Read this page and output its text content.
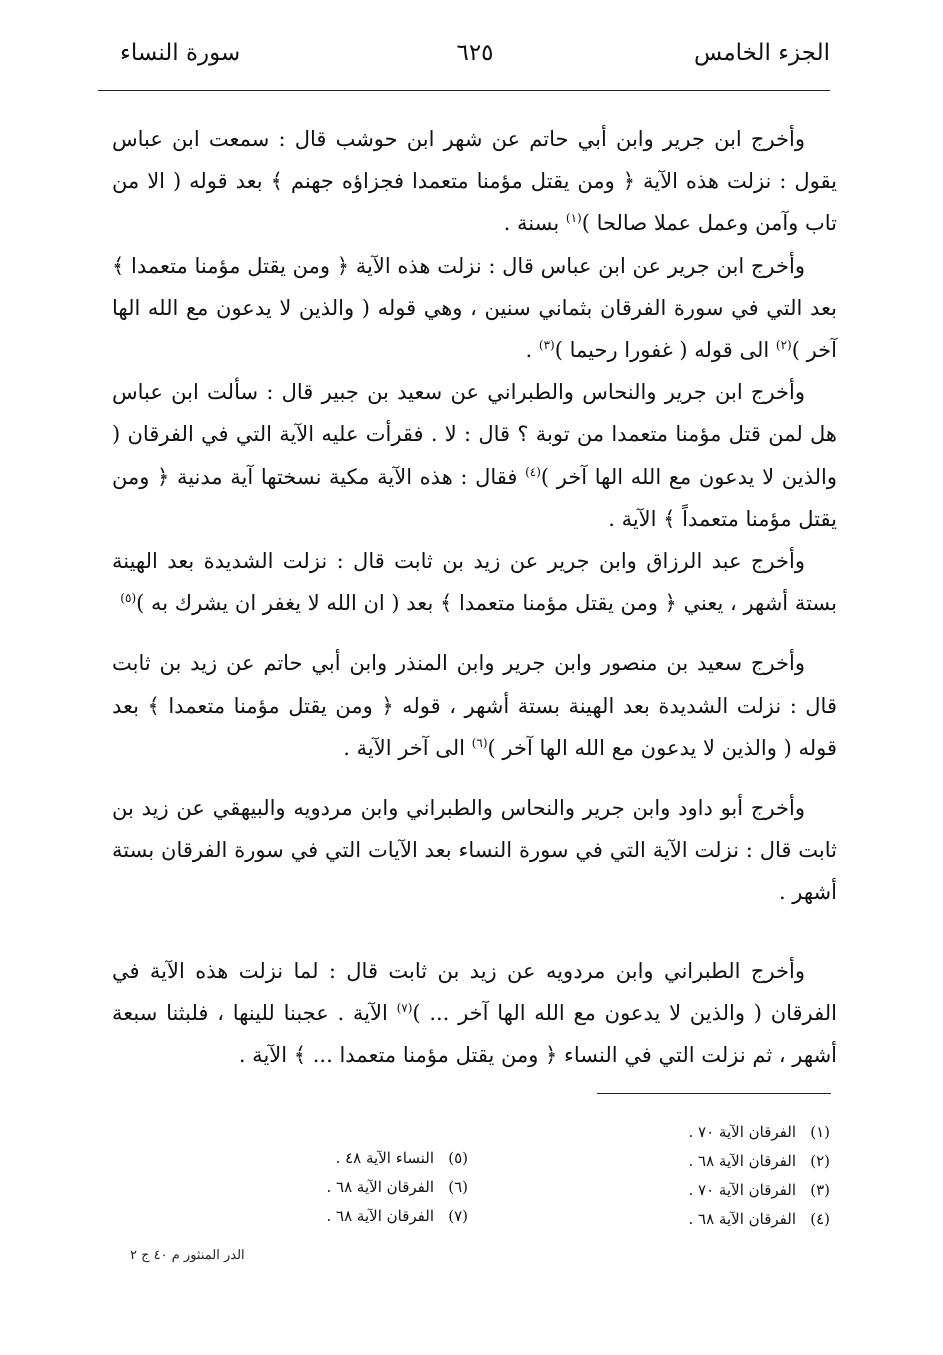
الجزء الخامس
٦٢٥
سورة النساء

وأخرج ابن جرير وابن أبي حاتم عن شهر ابن حوشب قال : سمعت ابن عباس يقول : نزلت هذه الآية ﴿ ومن يقتل مؤمنا متعمدا فجزاؤه جهنم ﴾ بعد قوله ( الا من تاب وآمن وعمل عملا صالحا )$^{(١)}$ بسنة .

وأخرج ابن جرير عن ابن عباس قال : نزلت هذه الآية ﴿ ومن يقتل مؤمنا متعمدا ﴾ بعد التي في سورة الفرقان بثماني سنين ، وهي قوله ( والذين لا يدعون مع الله الها آخر )$^{(٢)}$ الى قوله ( غفورا رحيما )$^{(٣)}$ .

وأخرج ابن جرير والنحاس والطبراني عن سعيد بن جبير قال : سألت ابن عباس هل لمن قتل مؤمنا متعمدا من توبة ؟ قال : لا . فقرأت عليه الآية التي في الفرقان ( والذين لا يدعون مع الله الها آخر )$^{(٤)}$ فقال : هذه الآية مكية نسختها آية مدنية ﴿ ومن يقتل مؤمنا متعمداً ﴾ الآية .

وأخرج عبد الرزاق وابن جرير عن زيد بن ثابت قال : نزلت الشديدة بعد الهينة بستة أشهر ، يعني ﴿ ومن يقتل مؤمنا متعمدا ﴾ بعد ( ان الله لا يغفر ان يشرك به )$^{(٥)}$

وأخرج سعيد بن منصور وابن جرير وابن المنذر وابن أبي حاتم عن زيد بن ثابت قال : نزلت الشديدة بعد الهينة بستة أشهر ، قوله ﴿ ومن يقتل مؤمنا متعمدا ﴾ بعد قوله ( والذين لا يدعون مع الله الها آخر )$^{(٦)}$ الى آخر الآية .

وأخرج أبو داود وابن جرير والنحاس والطبراني وابن مردويه والبيهقي عن زيد بن ثابت قال : نزلت الآية التي في سورة النساء بعد الآيات التي في سورة الفرقان بستة أشهر .

وأخرج الطبراني وابن مردويه عن زيد بن ثابت قال : لما نزلت هذه الآية في الفرقان ( والذين لا يدعون مع الله الها آخر ... )$^{(٧)}$ الآية . عجبنا للينها ، فلبثنا سبعة أشهر ، ثم نزلت التي في النساء ﴿ ومن يقتل مؤمنا متعمدا ... ﴾ الآية .

(١)الفرقان الآية ٧٠ .
(٢)الفرقان الآية ٦٨ .
(٣)الفرقان الآية ٧٠ .
(٤)الفرقان الآية ٦٨ .
(٥)النساء الآية ٤٨ .
(٦)الفرقان الآية ٦٨ .
(٧)الفرقان الآية ٦٨ .
الدر المنثور م ٤٠ ج ٢
